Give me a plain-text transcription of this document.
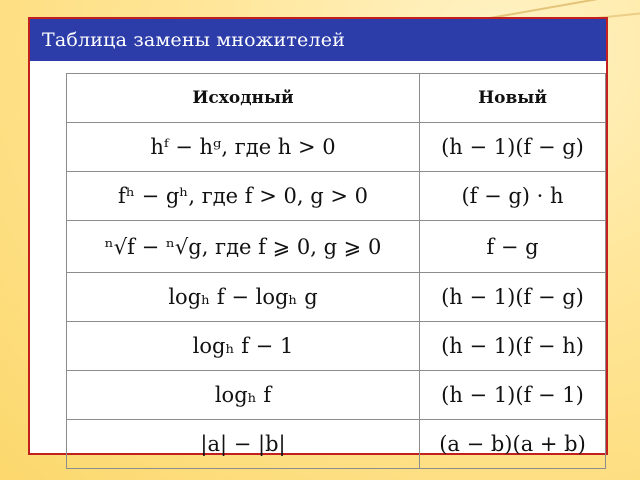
Таблица замены множителей
Исходный	Новый
hᶠ − hᵍ, где h > 0	(h − 1)(f − g)
fʰ − gʰ, где f > 0, g > 0	(f − g) · h
ⁿ√f − ⁿ√g, где f ⩾ 0, g ⩾ 0	f − g
logₕ f − logₕ g	(h − 1)(f − g)
logₕ f − 1	(h − 1)(f − h)
logₕ f	(h − 1)(f − 1)
|a| − |b|	(a − b)(a + b)
